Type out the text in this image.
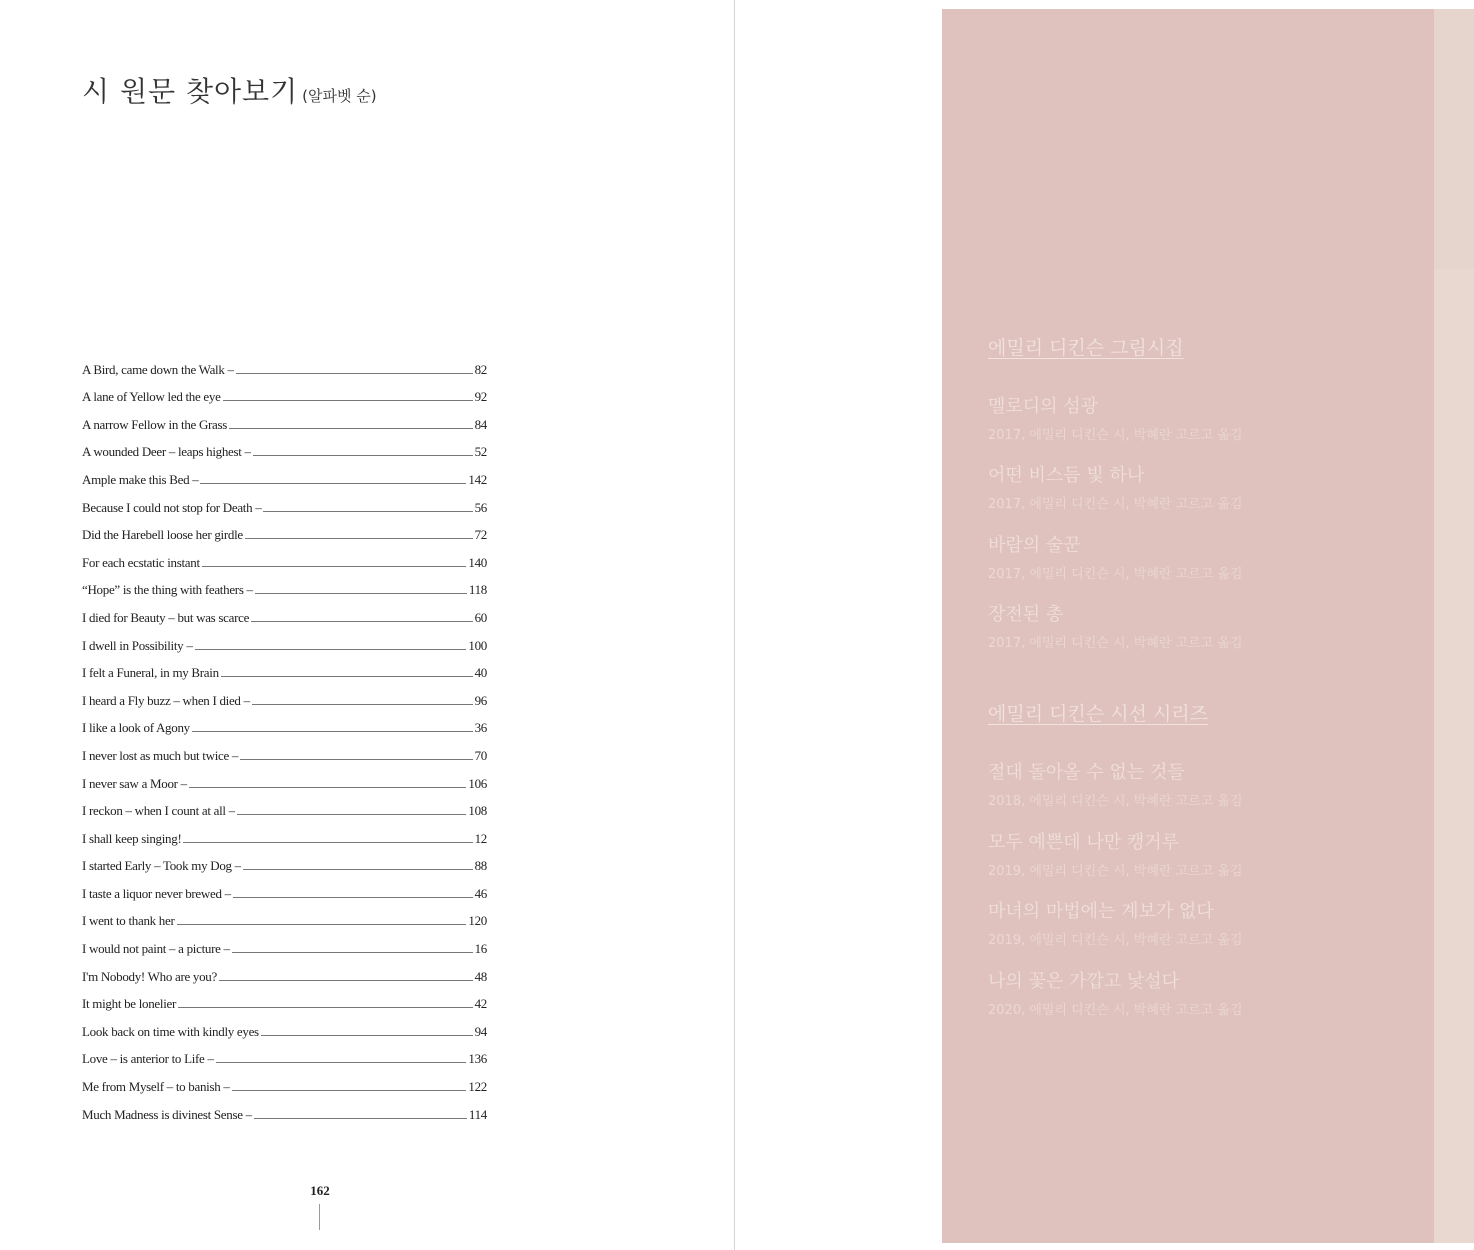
시 원문 찾아보기 (알파벳 순)
A Bird, came down the Walk –	82
A lane of Yellow led the eye	92
A narrow Fellow in the Grass	84
A wounded Deer – leaps highest –	52
Ample make this Bed –	142
Because I could not stop for Death –	56
Did the Harebell loose her girdle	72
For each ecstatic instant	140
“Hope” is the thing with feathers –	118
I died for Beauty – but was scarce	60
I dwell in Possibility –	100
I felt a Funeral, in my Brain	40
I heard a Fly buzz – when I died –	96
I like a look of Agony	36
I never lost as much but twice –	70
I never saw a Moor –	106
I reckon – when I count at all –	108
I shall keep singing!	12
I started Early – Took my Dog –	88
I taste a liquor never brewed –	46
I went to thank her	120
I would not paint – a picture –	16
I'm Nobody! Who are you?	48
It might be lonelier	42
Look back on time with kindly eyes	94
Love – is anterior to Life –	136
Me from Myself – to banish –	122
Much Madness is divinest Sense –	114
162
에밀리 디킨슨 그림시집
멜로디의 섬광
2017, 에밀리 디킨슨 시, 박혜란 고르고 옮김
어떤 비스듬 빛 하나
2017, 에밀리 디킨슨 시, 박혜란 고르고 옮김
바람의 술꾼
2017, 에밀리 디킨슨 시, 박혜란 고르고 옮김
장전된 총
2017, 에밀리 디킨슨 시, 박혜란 고르고 옮김
에밀리 디킨슨 시선 시리즈
절대 돌아올 수 없는 것들
2018, 에밀리 디킨슨 시, 박혜란 고르고 옮김
모두 예쁜데 나만 캥거루
2019, 에밀리 디킨슨 시, 박혜란 고르고 옮김
마녀의 마법에는 계보가 없다
2019, 에밀리 디킨슨 시, 박혜란 고르고 옮김
나의 꽃은 가깝고 낯설다
2020, 에밀리 디킨슨 시, 박혜란 고르고 옮김
